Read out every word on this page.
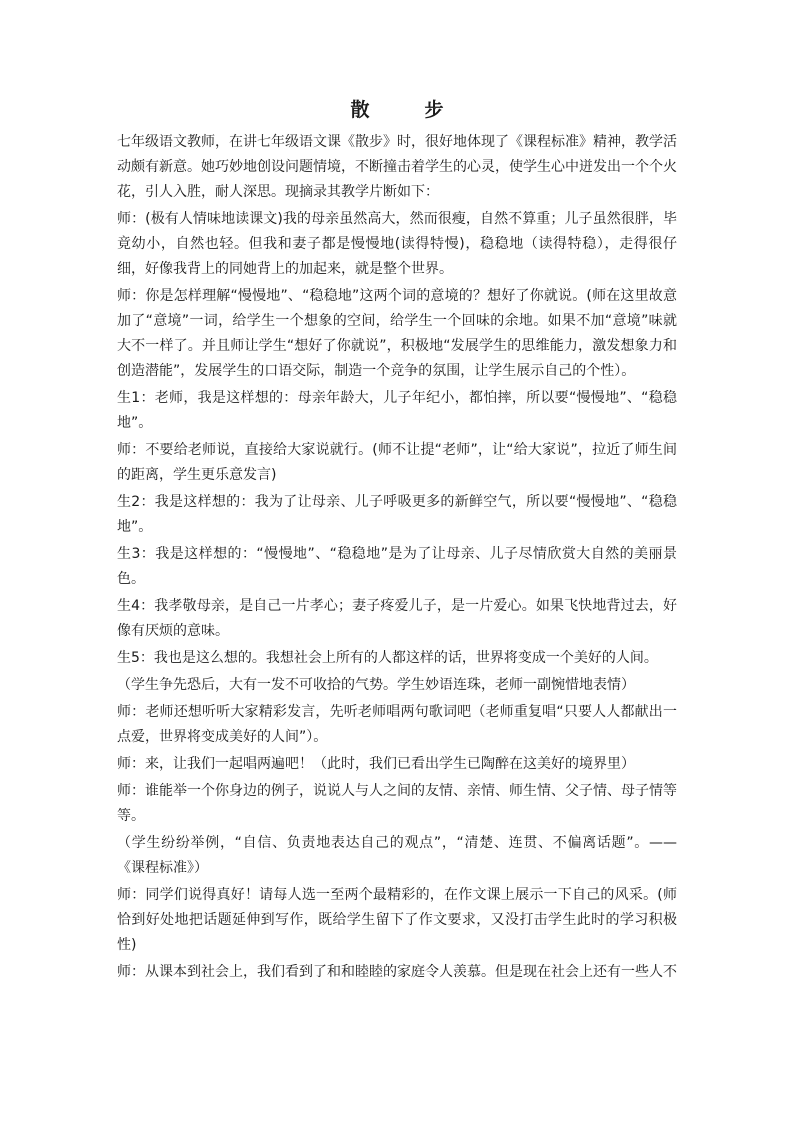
散　步

七年级语文教师，在讲七年级语文课《散步》时，很好地体现了《课程标准》精神，教学活动颇有新意。她巧妙地创设问题情境，不断撞击着学生的心灵，使学生心中迸发出一个个火花，引人入胜，耐人深思。现摘录其教学片断如下：

师：(极有人情味地读课文)我的母亲虽然高大，然而很瘦，自然不算重；儿子虽然很胖，毕竟幼小，自然也轻。但我和妻子都是慢慢地(读得特慢)，稳稳地（读得特稳），走得很仔细，好像我背上的同她背上的加起来，就是整个世界。

师：你是怎样理解“慢慢地”、“稳稳地”这两个词的意境的？想好了你就说。(师在这里故意加了“意境”一词，给学生一个想象的空间，给学生一个回味的余地。如果不加“意境”味就大不一样了。并且师让学生“想好了你就说”，积极地“发展学生的思维能力，激发想象力和创造潜能”，发展学生的口语交际，制造一个竞争的氛围，让学生展示自己的个性）。

生1：老师，我是这样想的：母亲年龄大，儿子年纪小，都怕摔，所以要“慢慢地”、“稳稳地”。

师：不要给老师说，直接给大家说就行。(师不让提“老师”，让“给大家说”，拉近了师生间的距离，学生更乐意发言)

生2：我是这样想的：我为了让母亲、儿子呼吸更多的新鲜空气，所以要“慢慢地”、“稳稳地”。

生3：我是这样想的：“慢慢地”、“稳稳地”是为了让母亲、儿子尽情欣赏大自然的美丽景色。

生4：我孝敬母亲，是自己一片孝心；妻子疼爱儿子，是一片爱心。如果飞快地背过去，好像有厌烦的意味。

生5：我也是这么想的。我想社会上所有的人都这样的话，世界将变成一个美好的人间。

（学生争先恐后，大有一发不可收拾的气势。学生妙语连珠，老师一副惋惜地表情）

师：老师还想听听大家精彩发言，先听老师唱两句歌词吧（老师重复唱“只要人人都献出一点爱，世界将变成美好的人间”）。

师：来，让我们一起唱两遍吧！（此时，我们已看出学生已陶醉在这美好的境界里）

师：谁能举一个你身边的例子，说说人与人之间的友情、亲情、师生情、父子情、母子情等等。

（学生纷纷举例，“自信、负责地表达自己的观点”，“清楚、连贯、不偏离话题”。——《课程标准》）

师：同学们说得真好！请每人选一至两个最精彩的，在作文课上展示一下自己的风采。(师恰到好处地把话题延伸到写作，既给学生留下了作文要求，又没打击学生此时的学习积极性)

师：从课本到社会上，我们看到了和和睦睦的家庭令人羡慕。但是现在社会上还有一些人不
